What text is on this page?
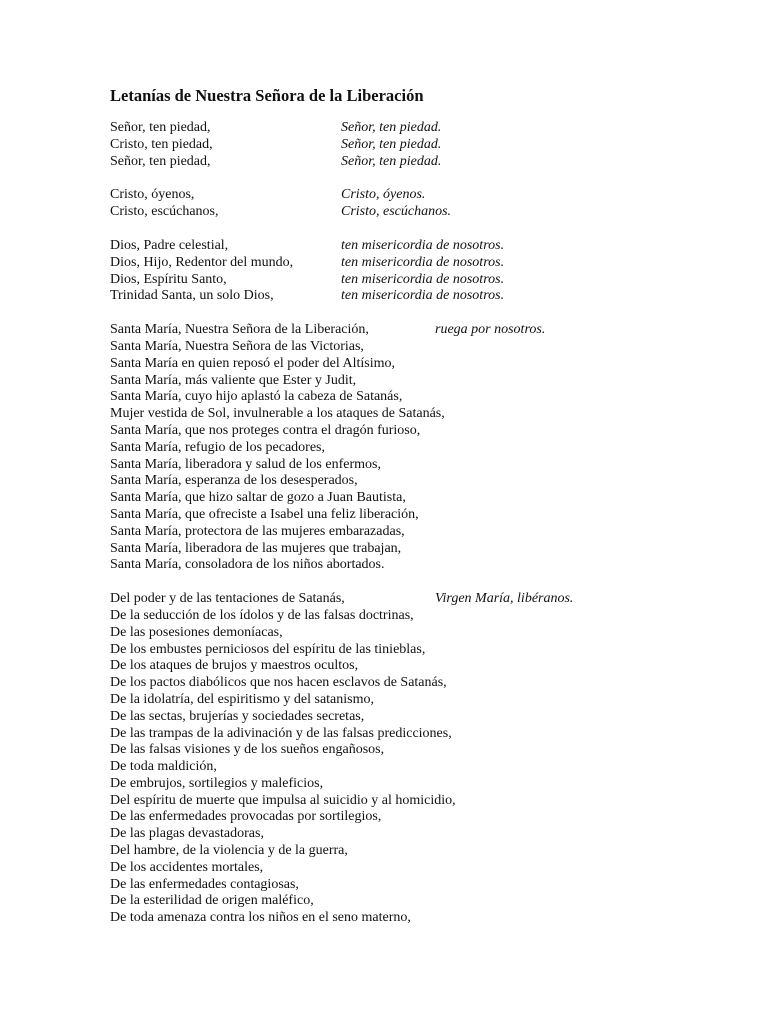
Letanías de Nuestra Señora de la Liberación
Señor, ten piedad,	Señor, ten piedad.
Cristo, ten piedad,	Señor, ten piedad.
Señor, ten piedad,	Señor, ten piedad.
Cristo, óyenos,	Cristo, óyenos.
Cristo, escúchanos,	Cristo, escúchanos.
Dios, Padre celestial,	ten misericordia de nosotros.
Dios, Hijo, Redentor del mundo,	ten misericordia de nosotros.
Dios, Espíritu Santo,	ten misericordia de nosotros.
Trinidad Santa, un solo Dios,	ten misericordia de nosotros.
Santa María, Nuestra Señora de la Liberación,	ruega por nosotros.
Santa María, Nuestra Señora de las Victorias,
Santa María en quien reposó el poder del Altísimo,
Santa María, más valiente que Ester y Judit,
Santa María, cuyo hijo aplastó la cabeza de Satanás,
Mujer vestida de Sol, invulnerable a los ataques de Satanás,
Santa María, que nos proteges contra el dragón furioso,
Santa María, refugio de los pecadores,
Santa María, liberadora y salud de los enfermos,
Santa María, esperanza de los desesperados,
Santa María, que hizo saltar de gozo a Juan Bautista,
Santa María, que ofreciste a Isabel una feliz liberación,
Santa María, protectora de las mujeres embarazadas,
Santa María, liberadora de las mujeres que trabajan,
Santa María, consoladora de los niños abortados.
Del poder y de las tentaciones de Satanás,	Virgen María, libéranos.
De la seducción de los ídolos y de las falsas doctrinas,
De las posesiones demoníacas,
De los embustes perniciosos del espíritu de las tinieblas,
De los ataques de brujos y maestros ocultos,
De los pactos diabólicos que nos hacen esclavos de Satanás,
De la idolatría, del espiritismo y del satanismo,
De las sectas, brujerías y sociedades secretas,
De las trampas de la adivinación y de las falsas predicciones,
De las falsas visiones y de los sueños engañosos,
De toda maldición,
De embrujos, sortilegios y maleficios,
Del espíritu de muerte que impulsa al suicidio y al homicidio,
De las enfermedades provocadas por sortilegios,
De las plagas devastadoras,
Del hambre, de la violencia y de la guerra,
De los accidentes mortales,
De las enfermedades contagiosas,
De la esterilidad de origen maléfico,
De toda amenaza contra los niños en el seno materno,
